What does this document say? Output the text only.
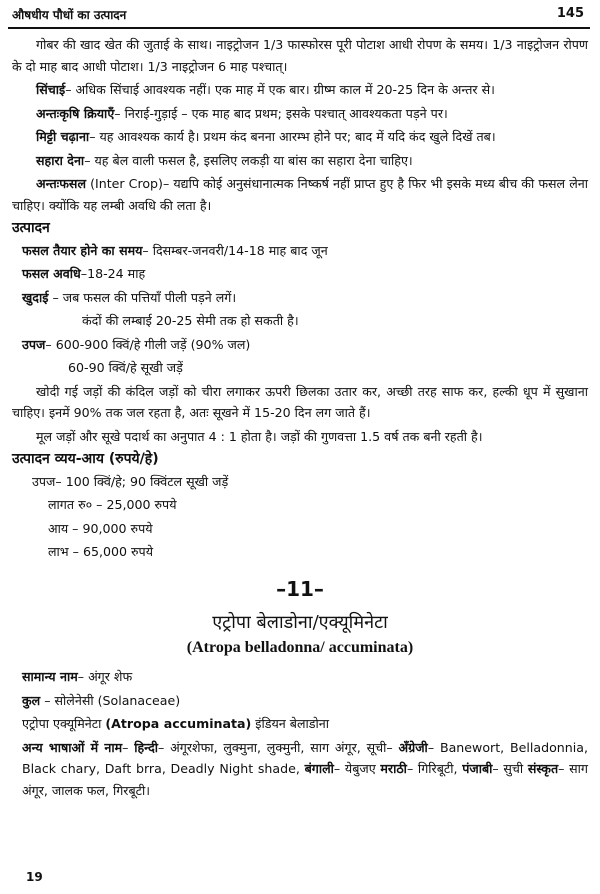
औषधीय पौधों का उत्पादन	145

गोबर की खाद खेत की जुताई के साथ। नाइट्रोजन 1/3 फास्फोरस पूरी पोटाश आधी रोपण के समय। 1/3 नाइट्रोजन रोपण के दो माह बाद आधी पोटाश। 1/3 नाइट्रोजन 6 माह पश्चात्।

सिंचाई– अधिक सिंचाई आवश्यक नहीं। एक माह में एक बार। ग्रीष्म काल में 20-25 दिन के अन्तर से।

अन्तःकृषि क्रियाएँ– निराई-गुड़ाई – एक माह बाद प्रथम; इसके पश्चात् आवश्यकता पड़ने पर।

मिट्टी चढ़ाना– यह आवश्यक कार्य है। प्रथम कंद बनना आरम्भ होने पर; बाद में यदि कंद खुले दिखें तब।

सहारा देना– यह बेल वाली फसल है, इसलिए लकड़ी या बांस का सहारा देना चाहिए।

अन्तःफसल (Inter Crop)– यद्यपि कोई अनुसंधानात्मक निष्कर्ष नहीं प्राप्त हुए है फिर भी इसके मध्य बीच की फसल लेना चाहिए। क्योंकि यह लम्बी अवधि की लता है।

उत्पादन

फसल तैयार होने का समय– दिसम्बर-जनवरी/14-18 माह बाद जून

फसल अवधि–18-24 माह

खुदाई – जब फसल की पत्तियाँ पीली पड़ने लगें।

कंदों की लम्बाई 20-25 सेमी तक हो सकती है।

उपज– 600-900 क्विं/हे गीली जड़ें (90% जल)

60-90 क्विं/हे सूखी जड़ें

खोदी गई जड़ों की कंदिल जड़ों को चीरा लगाकर ऊपरी छिलका उतार कर, अच्छी तरह साफ कर, हल्की धूप में सुखाना चाहिए। इनमें 90% तक जल रहता है, अतः सूखने में 15-20 दिन लग जाते हैं।

मूल जड़ों और सूखे पदार्थ का अनुपात 4 : 1 होता है। जड़ों की गुणवत्ता 1.5 वर्ष तक बनी रहती है।

उत्पादन व्यय-आय (रुपये/हे)

उपज– 100 क्विं/हे; 90 क्विंटल सूखी जड़ें

लागत रु० – 25,000 रुपये

आय – 90,000 रुपये

लाभ – 65,000 रुपये

–11–

एट्रोपा बेलाडोना/एक्यूमिनेटा

(Atropa belladonna/ accuminata)

सामान्य नाम– अंगूर शेफ

कुल – सोलेनेसी (Solanaceae)

एट्रोपा एक्यूमिनेटा (Atropa accuminata) इंडियन बेलाडोना

अन्य भाषाओं में नाम– हिन्दी– अंगूरशेफा, लुक्मुना, लुक्मुनी, साग अंगूर, सूची– अँग्रेजी– Banewort, Belladonnia, Black chary, Daft brra, Deadly Night shade, बंगाली– येबुजए मराठी– गिरिबूटी, पंजाबी– सुची संस्कृत– साग अंगूर, जालक फल, गिरबूटी।

19
